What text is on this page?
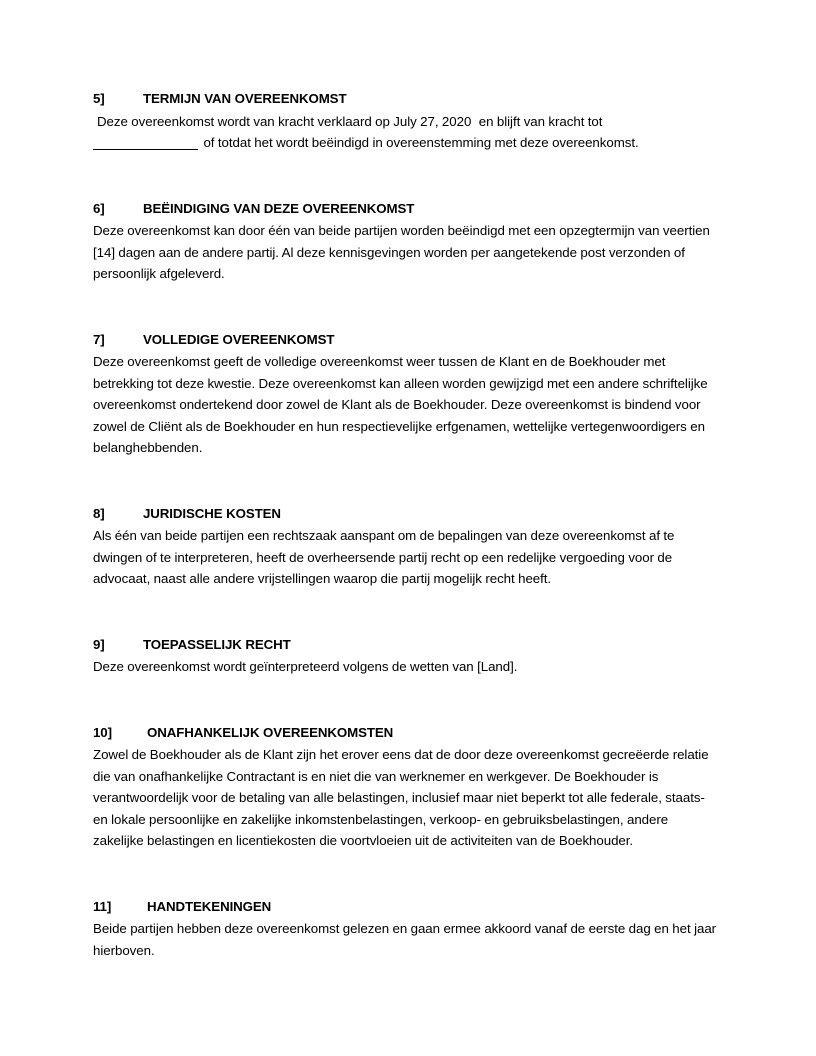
5]	TERMIJN VAN OVEREENKOMST

Deze overeenkomst wordt van kracht verklaard op July 27, 2020 en blijft van kracht tot
of totdat het wordt beëindigd in overeenstemming met deze overeenkomst.

6]	BEËINDIGING VAN DEZE OVEREENKOMST

Deze overeenkomst kan door één van beide partijen worden beëindigd met een opzegtermijn van veertien [14] dagen aan de andere partij. Al deze kennisgevingen worden per aangetekende post verzonden of persoonlijk afgeleverd.

7]	VOLLEDIGE OVEREENKOMST

Deze overeenkomst geeft de volledige overeenkomst weer tussen de Klant en de Boekhouder met betrekking tot deze kwestie. Deze overeenkomst kan alleen worden gewijzigd met een andere schriftelijke overeenkomst ondertekend door zowel de Klant als de Boekhouder. Deze overeenkomst is bindend voor zowel de Cliënt als de Boekhouder en hun respectievelijke erfgenamen, wettelijke vertegenwoordigers en belanghebbenden.

8]	JURIDISCHE KOSTEN

Als één van beide partijen een rechtszaak aanspant om de bepalingen van deze overeenkomst af te dwingen of te interpreteren, heeft de overheersende partij recht op een redelijke vergoeding voor de advocaat, naast alle andere vrijstellingen waarop die partij mogelijk recht heeft.

9]	TOEPASSELIJK RECHT

Deze overeenkomst wordt geïnterpreteerd volgens de wetten van [Land].

10]	ONAFHANKELIJK OVEREENKOMSTEN

Zowel de Boekhouder als de Klant zijn het erover eens dat de door deze overeenkomst gecreëerde relatie die van onafhankelijke Contractant is en niet die van werknemer en werkgever. De Boekhouder is verantwoordelijk voor de betaling van alle belastingen, inclusief maar niet beperkt tot alle federale, staats- en lokale persoonlijke en zakelijke inkomstenbelastingen, verkoop- en gebruiksbelastingen, andere zakelijke belastingen en licentiekosten die voortvloeien uit de activiteiten van de Boekhouder.

11]	HANDTEKENINGEN

Beide partijen hebben deze overeenkomst gelezen en gaan ermee akkoord vanaf de eerste dag en het jaar hierboven.
